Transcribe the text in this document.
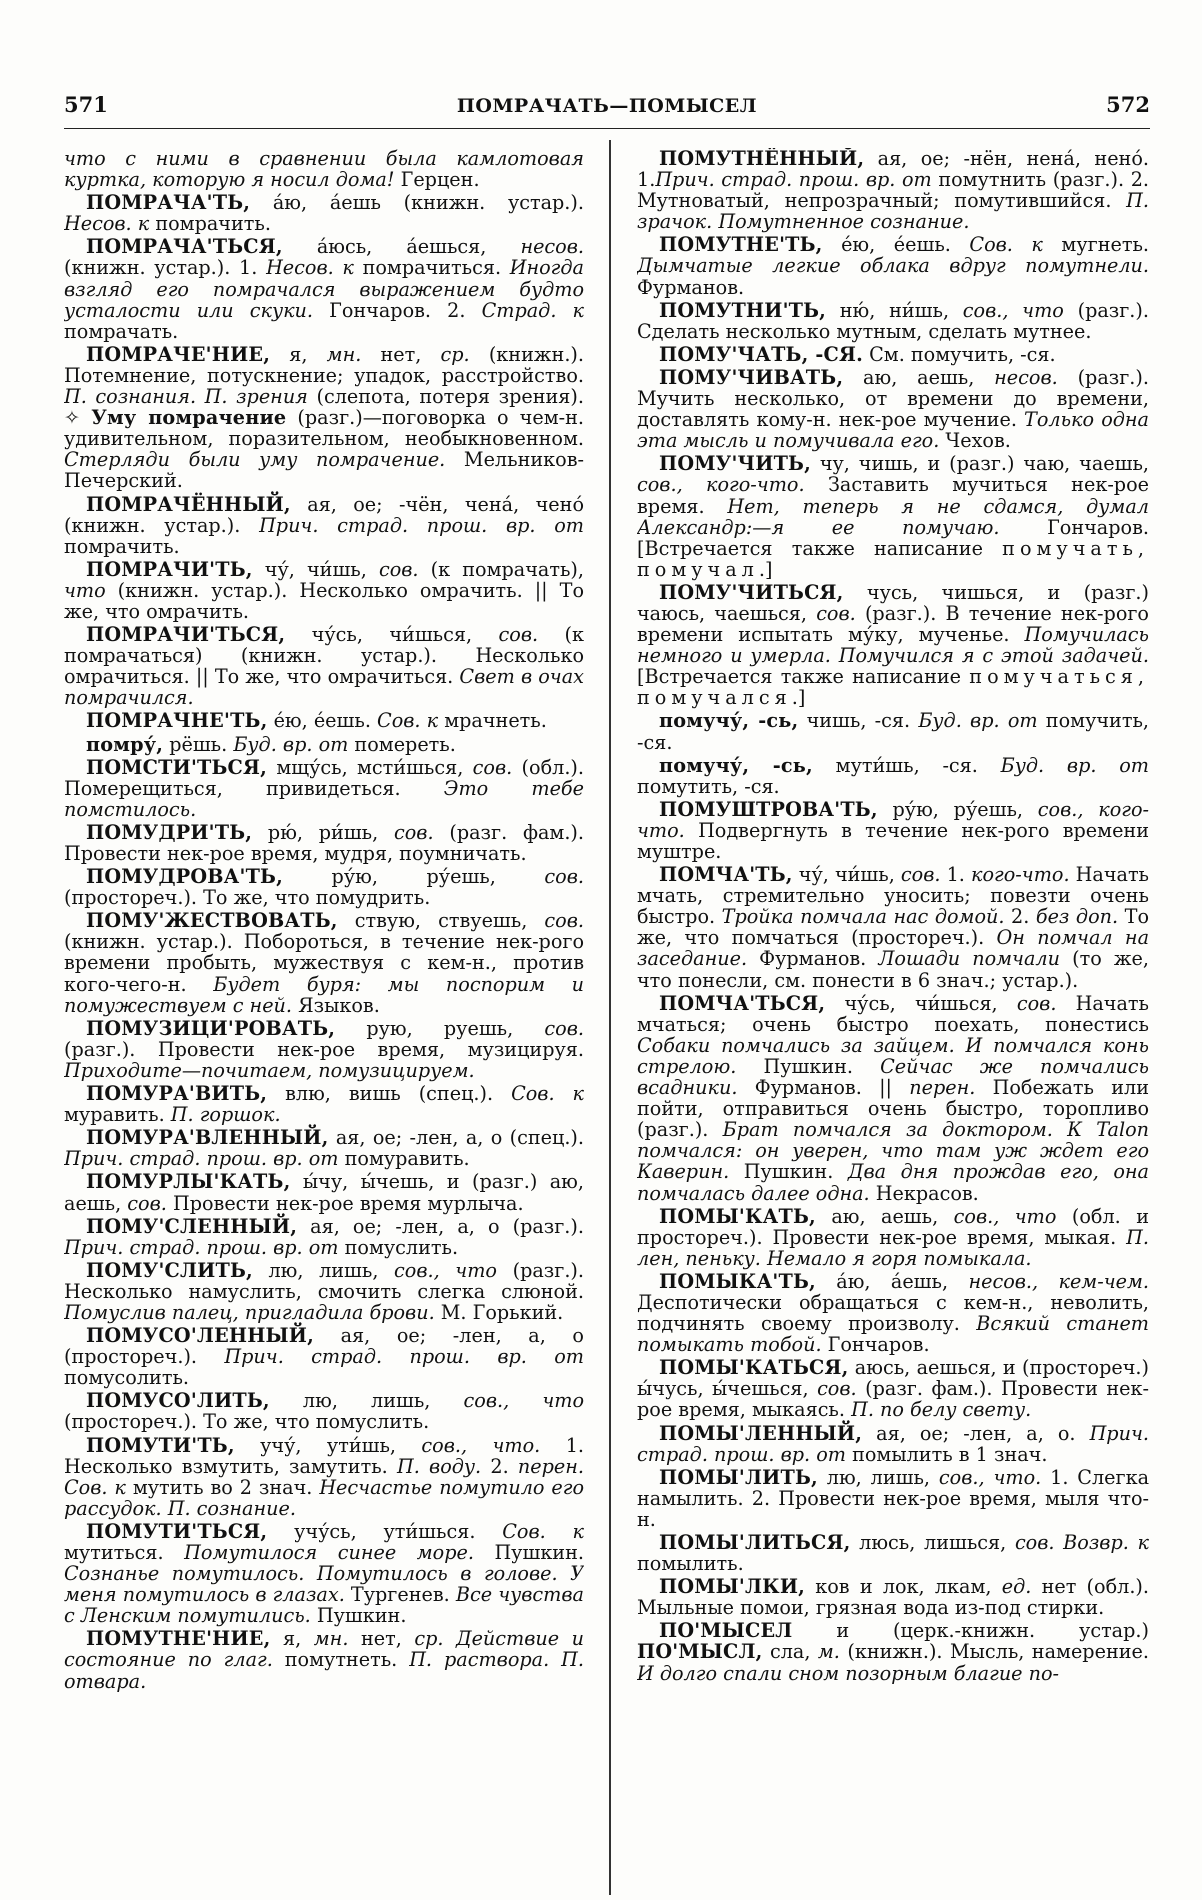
571	ПОМРАЧАТЬ—ПОМЫСЕЛ	572

что с ними в сравнении была камлотовая куртка, которую я носил дома! Герцен.

ПОМРАЧА'ТЬ, а́ю, а́ешь (книжн. устар.). Несов. к помрачить.

ПОМРАЧА'ТЬСЯ, а́юсь, а́ешься, несов. (книжн. устар.). 1. Несов. к помрачиться. Иногда взгляд его помрачался выражением будто усталости или скуки. Гончаров. 2. Страд. к помрачать.

ПОМРАЧЕ'НИЕ, я, мн. нет, ср. (книжн.). Потемнение, потускнение; упадок, расстройство. П. сознания. П. зрения (слепота, потеря зрения). ✧ Уму помрачение (разг.)—поговорка о чем-н. удивительном, поразительном, необыкновенном. Стерляди были уму помрачение. Мельников-Печерский.

ПОМРАЧЁННЫЙ, ая, ое; -чён, чена́, чено́ (книжн. устар.). Прич. страд. прош. вр. от помрачить.

ПОМРАЧИ'ТЬ, чу́, чи́шь, сов. (к помрачать), что (книжн. устар.). Несколько омрачить. || То же, что омрачить.

ПОМРАЧИ'ТЬСЯ, чу́сь, чи́шься, сов. (к помрачаться) (книжн. устар.). Несколько омрачиться. || То же, что омрачиться. Свет в очах помрачился.

ПОМРАЧНЕ'ТЬ, е́ю, е́ешь. Сов. к мрачнеть.

помру́, рёшь. Буд. вр. от помереть.

ПОМСТИ'ТЬСЯ, мщу́сь, мсти́шься, сов. (обл.). Померещиться, привидеться. Это тебе помстилось.

ПОМУДРИ'ТЬ, рю́, ри́шь, сов. (разг. фам.). Провести нек-рое время, мудря, поумничать.

ПОМУДРОВА'ТЬ, ру́ю, ру́ешь, сов. (простореч.). То же, что помудрить.

ПОМУ'ЖЕСТВОВАТЬ, ствую, ствуешь, сов. (книжн. устар.). Побороться, в течение нек-рого времени пробыть, мужествуя с кем-н., против кого-чего-н. Будет буря: мы поспорим и помужествуем с ней. Языков.

ПОМУЗИЦИ'РОВАТЬ, рую, руешь, сов. (разг.). Провести нек-рое время, музицируя. Приходите—почитаем, помузицируем.

ПОМУРА'ВИТЬ, влю, вишь (спец.). Сов. к муравить. П. горшок.

ПОМУРА'ВЛЕННЫЙ, ая, ое; -лен, а, о (спец.). Прич. страд. прош. вр. от помуравить.

ПОМУРЛЫ'КАТЬ, ы́чу, ы́чешь, и (разг.) аю, аешь, сов. Провести нек-рое время мурлыча.

ПОМУ'СЛЕННЫЙ, ая, ое; -лен, а, о (разг.). Прич. страд. прош. вр. от помуслить.

ПОМУ'СЛИТЬ, лю, лишь, сов., что (разг.). Несколько намуслить, смочить слегка слюной. Помуслив палец, пригладила брови. М. Горький.

ПОМУСО'ЛЕННЫЙ, ая, ое; -лен, а, о (простореч.). Прич. страд. прош. вр. от помусолить.

ПОМУСО'ЛИТЬ, лю, лишь, сов., что (простореч.). То же, что помуслить.

ПОМУТИ'ТЬ, учу́, ути́шь, сов., что. 1. Несколько взмутить, замутить. П. воду. 2. перен. Сов. к мутить во 2 знач. Несчастье помутило его рассудок. П. сознание.

ПОМУТИ'ТЬСЯ, учу́сь, ути́шься. Сов. к мутиться. Помутилося синее море. Пушкин. Сознанье помутилось. Помутилось в голове. У меня помутилось в глазах. Тургенев. Все чувства с Ленским помутились. Пушкин.

ПОМУТНЕ'НИЕ, я, мн. нет, ср. Действие и состояние по глаг. помутнеть. П. раствора. П. отвара.

ПОМУТНЁННЫЙ, ая, ое; -нён, нена́, нено́. 1.Прич. страд. прош. вр. от помутнить (разг.). 2. Мутноватый, непрозрачный; помутившийся. П. зрачок. Помутненное сознание.

ПОМУТНЕ'ТЬ, е́ю, е́ешь. Сов. к мугнеть. Дымчатые легкие облака вдруг помутнели. Фурманов.

ПОМУТНИ'ТЬ, ню́, ни́шь, сов., что (разг.). Сделать несколько мутным, сделать мутнее.

ПОМУ'ЧАТЬ, -СЯ. См. помучить, -ся.

ПОМУ'ЧИВАТЬ, аю, аешь, несов. (разг.). Мучить несколько, от времени до времени, доставлять кому-н. нек-рое мучение. Только одна эта мысль и помучивала его. Чехов.

ПОМУ'ЧИТЬ, чу, чишь, и (разг.) чаю, чаешь, сов., кого-что. Заставить мучиться нек-рое время. Нет, теперь я не сдамся, думал Александр:—я ее помучаю. Гончаров. [Встречается также написание помучать, помучал.]

ПОМУ'ЧИТЬСЯ, чусь, чишься, и (разг.) чаюсь, чаешься, сов. (разг.). В течение нек-рого времени испытать му́ку, мученье. Помучилась немного и умерла. Помучился я с этой задачей. [Встречается также написание помучаться, помучался.]

помучу́, -сь, чишь, -ся. Буд. вр. от помучить, -ся.

помучу́, -сь, мути́шь, -ся. Буд. вр. от помутить, -ся.

ПОМУШТРОВА'ТЬ, ру́ю, ру́ешь, сов., кого-что. Подвергнуть в течение нек-рого времени муштре.

ПОМЧА'ТЬ, чу́, чи́шь, сов. 1. кого-что. Начать мчать, стремительно уносить; повезти очень быстро. Тройка помчала нас домой. 2. без доп. То же, что помчаться (простореч.). Он помчал на заседание. Фурманов. Лошади помчали (то же, что понесли, см. понести в 6 знач.; устар.).

ПОМЧА'ТЬСЯ, чу́сь, чи́шься, сов. Начать мчаться; очень быстро поехать, понестись Собаки помчались за зайцем. И помчался конь стрелою. Пушкин. Сейчас же помчались всадники. Фурманов. || перен. Побежать или пойти, отправиться очень быстро, торопливо (разг.). Брат помчался за доктором. К Talon помчался: он уверен, что там уж ждет его Каверин. Пушкин. Два дня прождав его, она помчалась далее одна. Некрасов.

ПОМЫ'КАТЬ, аю, аешь, сов., что (обл. и простореч.). Провести нек-рое время, мыкая. П. лен, пеньку. Немало я горя помыкала.

ПОМЫКА'ТЬ, а́ю, а́ешь, несов., кем-чем. Деспотически обращаться с кем-н., неволить, подчинять своему произволу. Всякий станет помыкать тобой. Гончаров.

ПОМЫ'КАТЬСЯ, аюсь, аешься, и (простореч.) ы́чусь, ы́чешься, сов. (разг. фам.). Провести нек-рое время, мыкаясь. П. по белу свету.

ПОМЫ'ЛЕННЫЙ, ая, ое; -лен, а, о. Прич. страд. прош. вр. от помылить в 1 знач.

ПОМЫ'ЛИТЬ, лю, лишь, сов., что. 1. Слегка намылить. 2. Провести нек-рое время, мыля что-н.

ПОМЫ'ЛИТЬСЯ, люсь, лишься, сов. Возвр. к помылить.

ПОМЫ'ЛКИ, ков и лок, лкам, ед. нет (обл.). Мыльные помои, грязная вода из-под стирки.

ПО'МЫСЕЛ и (церк.-книжн. устар.) ПО'МЫСЛ, сла, м. (книжн.). Мысль, намерение. И долго спали сном позорным благие по-
